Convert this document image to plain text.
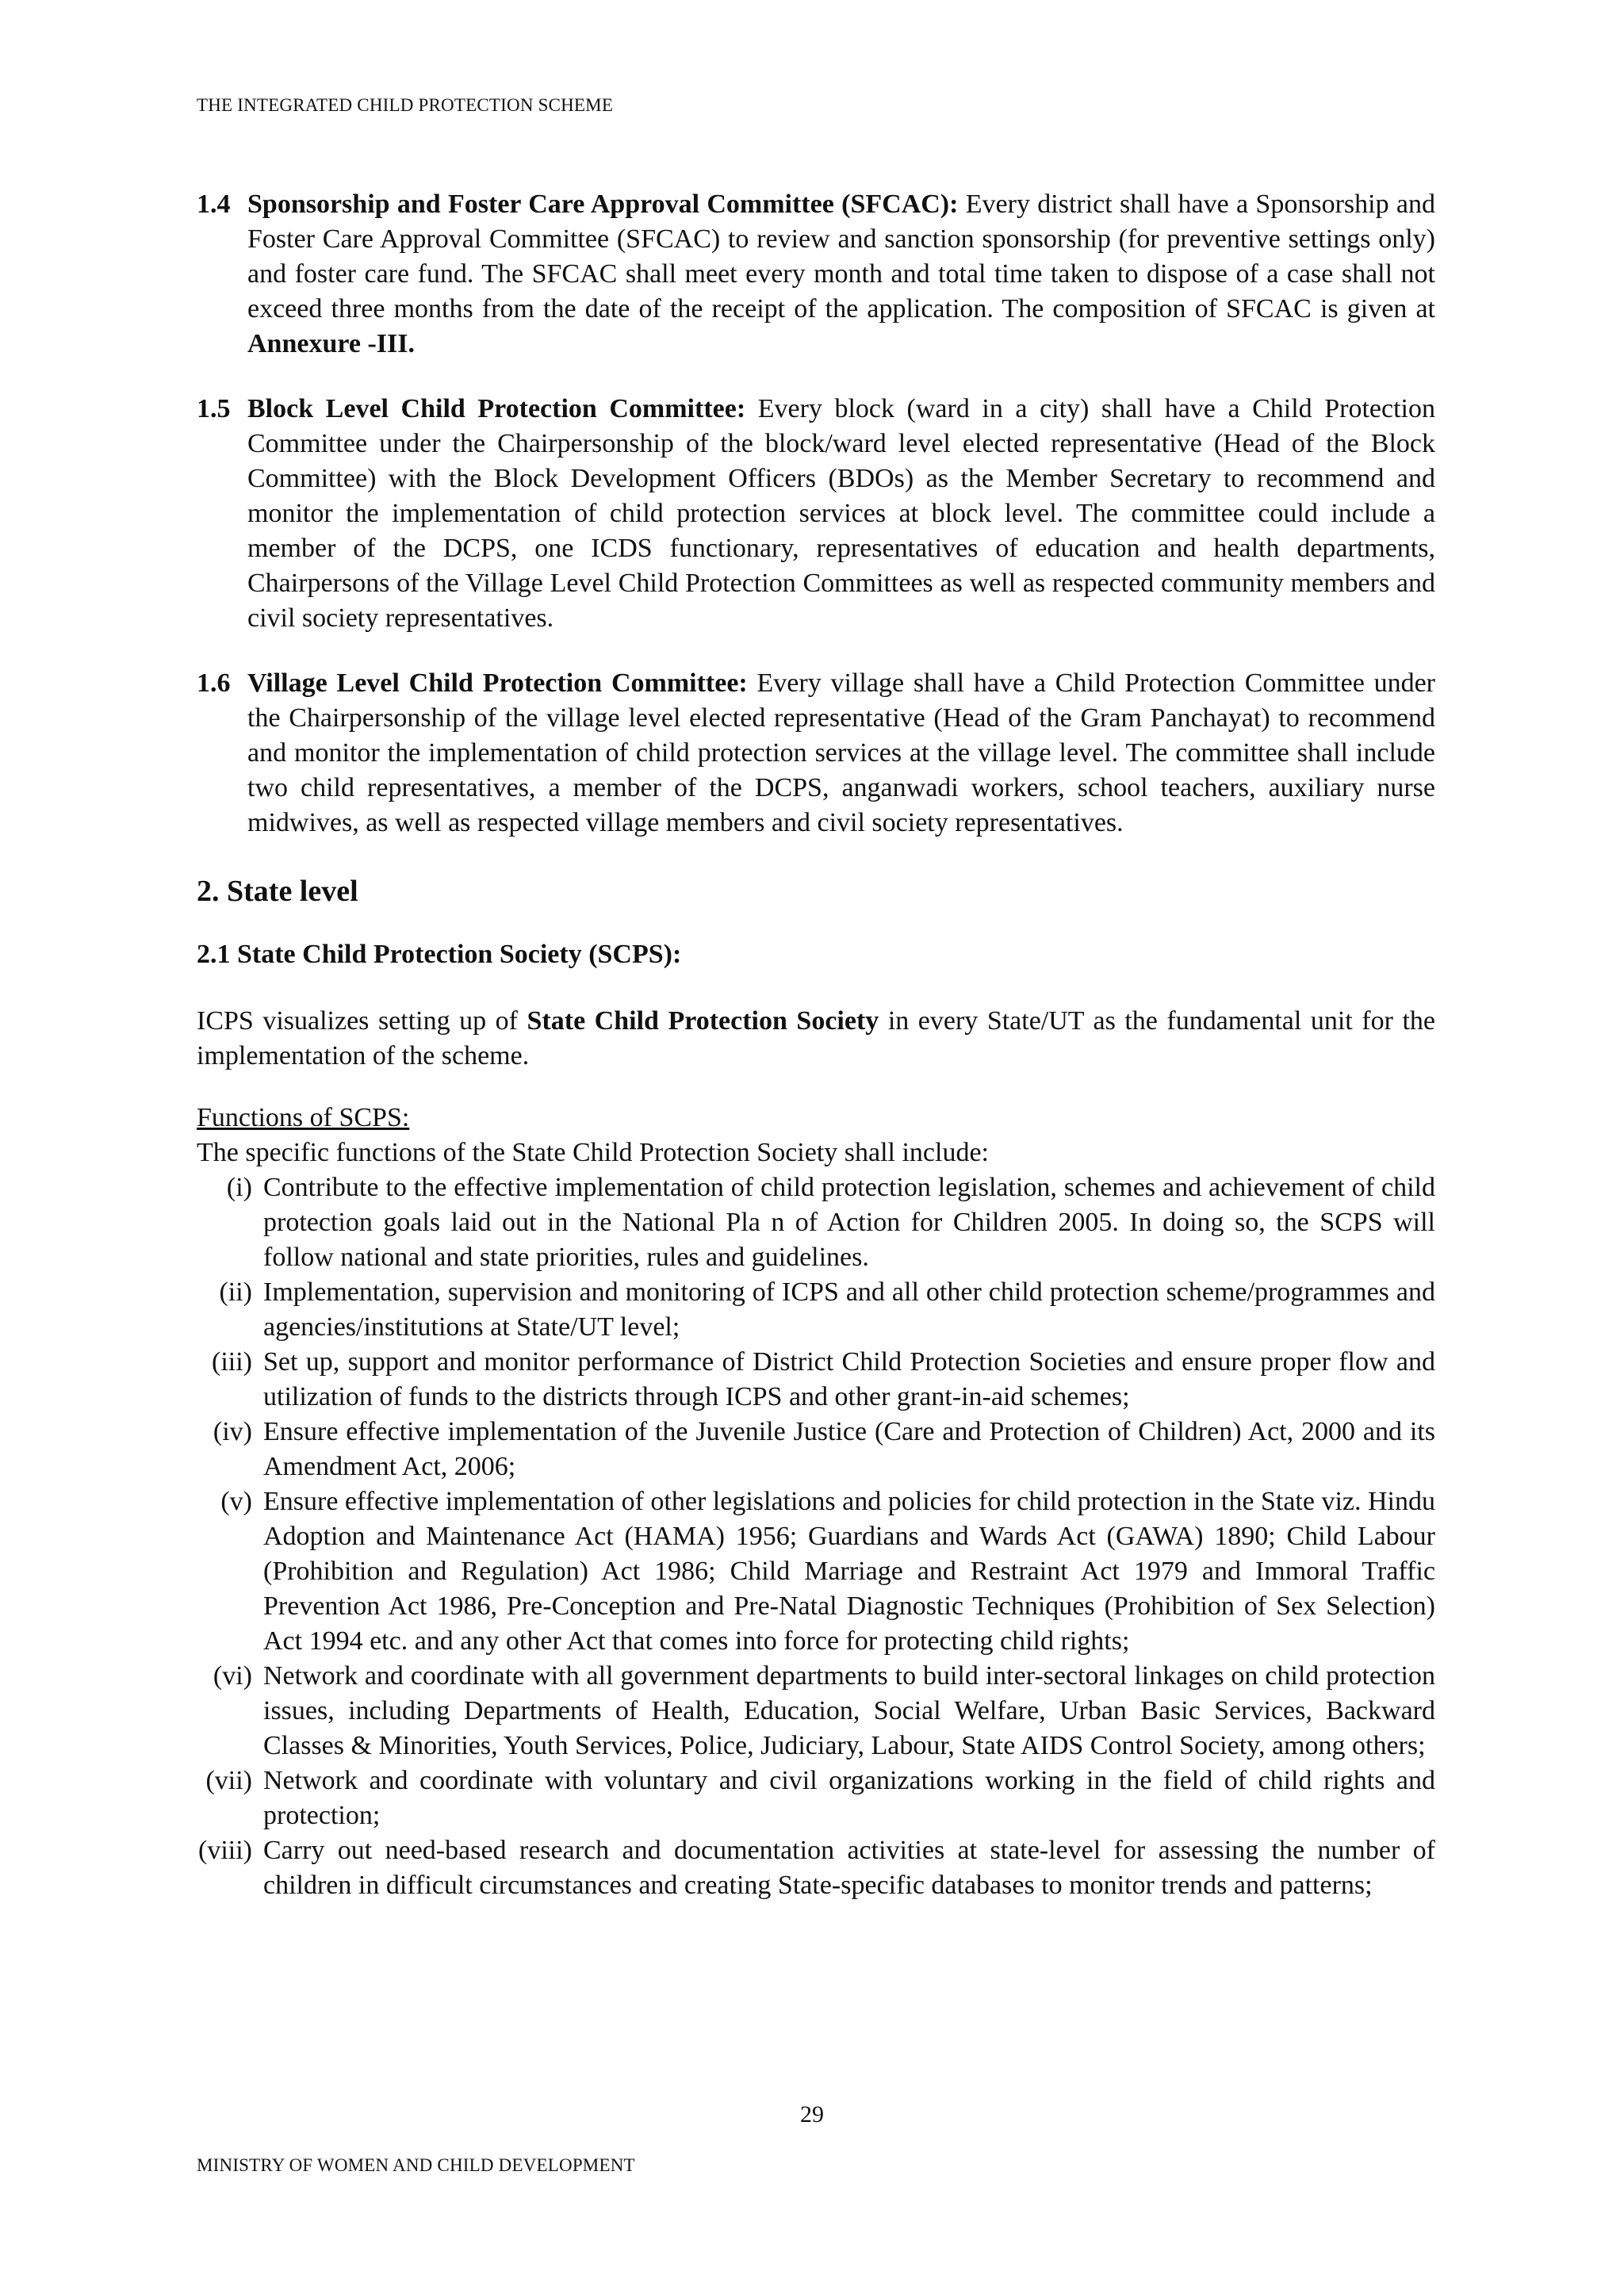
THE INTEGRATED CHILD PROTECTION SCHEME
1.4 Sponsorship and Foster Care Approval Committee (SFCAC): Every district shall have a Sponsorship and Foster Care Approval Committee (SFCAC) to review and sanction sponsorship (for preventive settings only) and foster care fund. The SFCAC shall meet every month and total time taken to dispose of a case shall not exceed three months from the date of the receipt of the application. The composition of SFCAC is given at Annexure -III.
1.5 Block Level Child Protection Committee: Every block (ward in a city) shall have a Child Protection Committee under the Chairpersonship of the block/ward level elected representative (Head of the Block Committee) with the Block Development Officers (BDOs) as the Member Secretary to recommend and monitor the implementation of child protection services at block level. The committee could include a member of the DCPS, one ICDS functionary, representatives of education and health departments, Chairpersons of the Village Level Child Protection Committees as well as respected community members and civil society representatives.
1.6 Village Level Child Protection Committee: Every village shall have a Child Protection Committee under the Chairpersonship of the village level elected representative (Head of the Gram Panchayat) to recommend and monitor the implementation of child protection services at the village level. The committee shall include two child representatives, a member of the DCPS, anganwadi workers, school teachers, auxiliary nurse midwives, as well as respected village members and civil society representatives.
2. State level
2.1 State Child Protection Society (SCPS):

ICPS visualizes setting up of State Child Protection Society in every State/UT as the fundamental unit for the implementation of the scheme.

Functions of SCPS:

The specific functions of the State Child Protection Society shall include:

(i) Contribute to the effective implementation of child protection legislation, schemes and achievement of child protection goals laid out in the National Pla n of Action for Children 2005. In doing so, the SCPS will follow national and state priorities, rules and guidelines.
(ii) Implementation, supervision and monitoring of ICPS and all other child protection scheme/programmes and agencies/institutions at State/UT level;
(iii) Set up, support and monitor performance of District Child Protection Societies and ensure proper flow and utilization of funds to the districts through ICPS and other grant-in-aid schemes;
(iv) Ensure effective implementation of the Juvenile Justice (Care and Protection of Children) Act, 2000 and its Amendment Act, 2006;
(v) Ensure effective implementation of other legislations and policies for child protection in the State viz. Hindu Adoption and Maintenance Act (HAMA) 1956; Guardians and Wards Act (GAWA) 1890; Child Labour (Prohibition and Regulation) Act 1986; Child Marriage and Restraint Act 1979 and Immoral Traffic Prevention Act 1986, Pre-Conception and Pre-Natal Diagnostic Techniques (Prohibition of Sex Selection) Act 1994 etc. and any other Act that comes into force for protecting child rights;
(vi) Network and coordinate with all government departments to build inter-sectoral linkages on child protection issues, including Departments of Health, Education, Social Welfare, Urban Basic Services, Backward Classes & Minorities, Youth Services, Police, Judiciary, Labour, State AIDS Control Society, among others;
(vii) Network and coordinate with voluntary and civil organizations working in the field of child rights and protection;
(viii) Carry out need-based research and documentation activities at state-level for assessing the number of children in difficult circumstances and creating State-specific databases to monitor trends and patterns;
29
MINISTRY OF WOMEN AND CHILD DEVELOPMENT
